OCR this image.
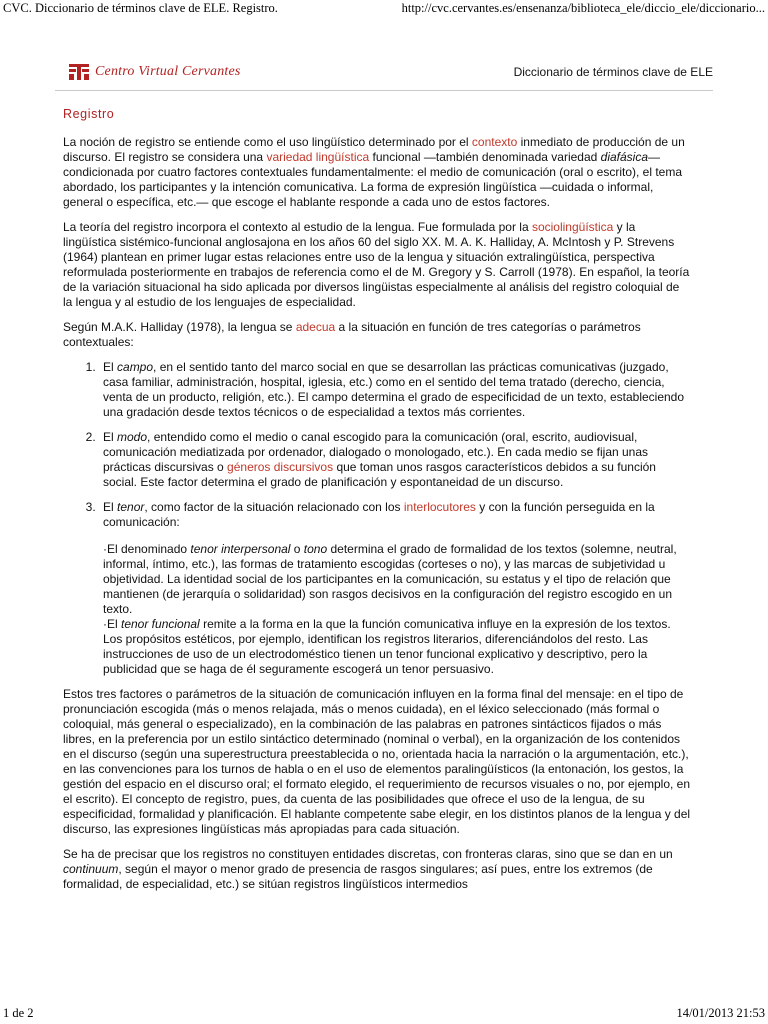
CVC. Diccionario de términos clave de ELE. Registro.	http://cvc.cervantes.es/ensenanza/biblioteca_ele/diccio_ele/diccionario...
Centro Virtual Cervantes	Diccionario de términos clave de ELE
Registro

La noción de registro se entiende como el uso lingüístico determinado por el contexto inmediato de producción de un discurso. El registro se considera una variedad lingüística funcional —también denominada variedad diafásica— condicionada por cuatro factores contextuales fundamentalmente: el medio de comunicación (oral o escrito), el tema abordado, los participantes y la intención comunicativa. La forma de expresión lingüística —cuidada o informal, general o específica, etc.— que escoge el hablante responde a cada uno de estos factores.

La teoría del registro incorpora el contexto al estudio de la lengua. Fue formulada por la sociolingüística y la lingüística sistémico-funcional anglosajona en los años 60 del siglo XX. M. A. K. Halliday, A. McIntosh y P. Strevens (1964) plantean en primer lugar estas relaciones entre uso de la lengua y situación extralingüística, perspectiva reformulada posteriormente en trabajos de referencia como el de M. Gregory y S. Carroll (1978). En español, la teoría de la variación situacional ha sido aplicada por diversos lingüistas especialmente al análisis del registro coloquial de la lengua y al estudio de los lenguajes de especialidad.

Según M.A.K. Halliday (1978), la lengua se adecua a la situación en función de tres categorías o parámetros contextuales:

1. El campo, en el sentido tanto del marco social en que se desarrollan las prácticas comunicativas (juzgado, casa familiar, administración, hospital, iglesia, etc.) como en el sentido del tema tratado (derecho, ciencia, venta de un producto, religión, etc.). El campo determina el grado de especificidad de un texto, estableciendo una gradación desde textos técnicos o de especialidad a textos más corrientes.
2. El modo, entendido como el medio o canal escogido para la comunicación (oral, escrito, audiovisual, comunicación mediatizada por ordenador, dialogado o monologado, etc.). En cada medio se fijan unas prácticas discursivas o géneros discursivos que toman unos rasgos característicos debidos a su función social. Este factor determina el grado de planificación y espontaneidad de un discurso.
3. El tenor, como factor de la situación relacionado con los interlocutores y con la función perseguida en la comunicación:

·El denominado tenor interpersonal o tono determina el grado de formalidad de los textos (solemne, neutral, informal, íntimo, etc.), las formas de tratamiento escogidas (corteses o no), y las marcas de subjetividad u objetividad. La identidad social de los participantes en la comunicación, su estatus y el tipo de relación que mantienen (de jerarquía o solidaridad) son rasgos decisivos en la configuración del registro escogido en un texto.

·El tenor funcional remite a la forma en la que la función comunicativa influye en la expresión de los textos. Los propósitos estéticos, por ejemplo, identifican los registros literarios, diferenciándolos del resto. Las instrucciones de uso de un electrodoméstico tienen un tenor funcional explicativo y descriptivo, pero la publicidad que se haga de él seguramente escogerá un tenor persuasivo.

Estos tres factores o parámetros de la situación de comunicación influyen en la forma final del mensaje: en el tipo de pronunciación escogida (más o menos relajada, más o menos cuidada), en el léxico seleccionado (más formal o coloquial, más general o especializado), en la combinación de las palabras en patrones sintácticos fijados o más libres, en la preferencia por un estilo sintáctico determinado (nominal o verbal), en la organización de los contenidos en el discurso (según una superestructura preestablecida o no, orientada hacia la narración o la argumentación, etc.), en las convenciones para los turnos de habla o en el uso de elementos paralingüísticos (la entonación, los gestos, la gestión del espacio en el discurso oral; el formato elegido, el requerimiento de recursos visuales o no, por ejemplo, en el escrito). El concepto de registro, pues, da cuenta de las posibilidades que ofrece el uso de la lengua, de su especificidad, formalidad y planificación. El hablante competente sabe elegir, en los distintos planos de la lengua y del discurso, las expresiones lingüísticas más apropiadas para cada situación.

Se ha de precisar que los registros no constituyen entidades discretas, con fronteras claras, sino que se dan en un continuum, según el mayor o menor grado de presencia de rasgos singulares; así pues, entre los extremos (de formalidad, de especialidad, etc.) se sitúan registros lingüísticos intermedios

1 de 2	14/01/2013 21:53
